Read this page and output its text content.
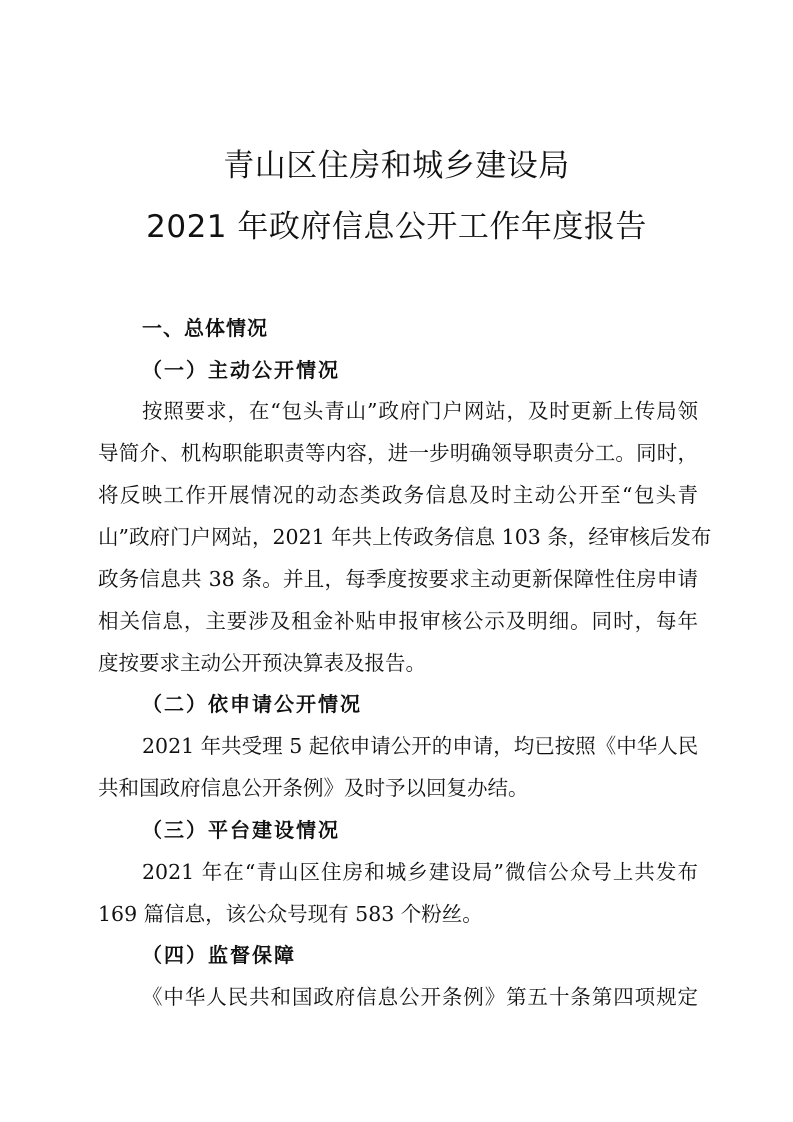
青山区住房和城乡建设局
2021 年政府信息公开工作年度报告
一、总体情况
（一）主动公开情况
按照要求，在“包头青山”政府门户网站，及时更新上传局领
导简介、机构职能职责等内容，进一步明确领导职责分工。同时，
将反映工作开展情况的动态类政务信息及时主动公开至“包头青
山”政府门户网站，2021 年共上传政务信息 103 条，经审核后发布
政务信息共 38 条。并且，每季度按要求主动更新保障性住房申请
相关信息，主要涉及租金补贴申报审核公示及明细。同时，每年
度按要求主动公开预决算表及报告。
（二）依申请公开情况
2021 年共受理 5 起依申请公开的申请，均已按照《中华人民
共和国政府信息公开条例》及时予以回复办结。
（三）平台建设情况
2021 年在“青山区住房和城乡建设局”微信公众号上共发布
169 篇信息，该公众号现有 583 个粉丝。
（四）监督保障
《中华人民共和国政府信息公开条例》第五十条第四项规定
